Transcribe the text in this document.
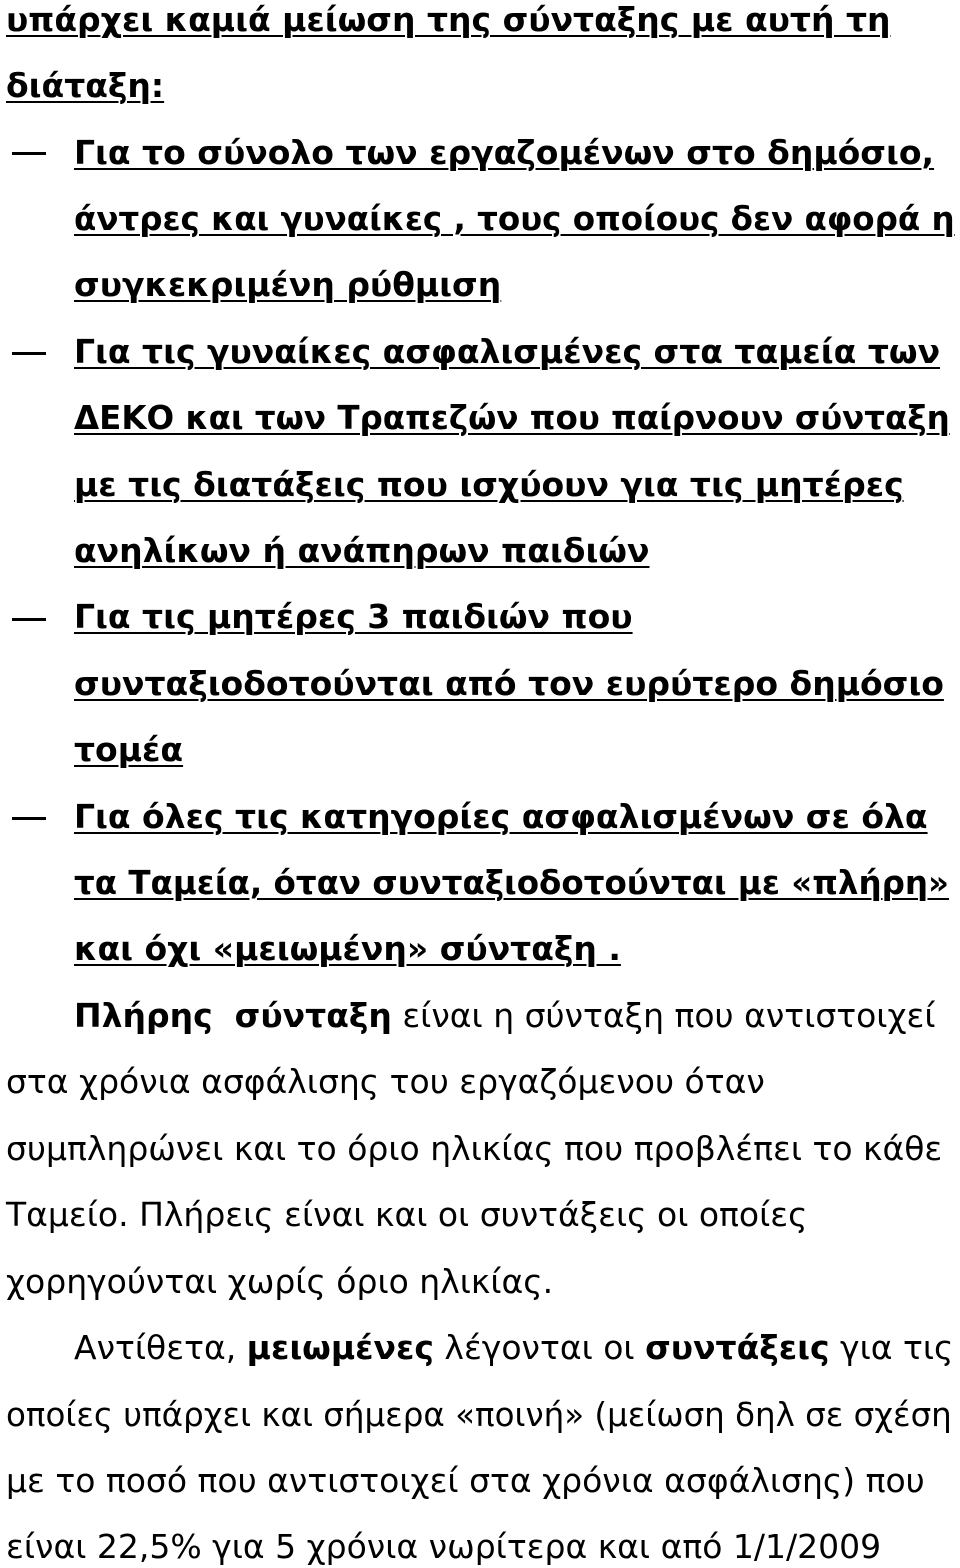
υπάρχει καμιά μείωση της σύνταξης με αυτή τη
διάταξη:
Για το σύνολο των εργαζομένων στο δημόσιο,
άντρες και γυναίκες , τους οποίους δεν αφορά η
συγκεκριμένη ρύθμιση
Για τις γυναίκες ασφαλισμένες στα ταμεία των
ΔΕΚΟ και των Τραπεζών που παίρνουν σύνταξη
με τις διατάξεις που ισχύουν για τις μητέρες
ανηλίκων ή ανάπηρων παιδιών
Για τις μητέρες 3 παιδιών που
συνταξιοδοτούνται από τον ευρύτερο δημόσιο
τομέα
Για όλες τις κατηγορίες ασφαλισμένων σε όλα
τα Ταμεία, όταν συνταξιοδοτούνται με «πλήρη»
και όχι «μειωμένη» σύνταξη .
Πλήρης σύνταξη είναι η σύνταξη που αντιστοιχεί
στα χρόνια ασφάλισης του εργαζόμενου όταν
συμπληρώνει και το όριο ηλικίας που προβλέπει το κάθε
Ταμείο. Πλήρεις είναι και οι συντάξεις οι οποίες
χορηγούνται χωρίς όριο ηλικίας.
Αντίθετα, μειωμένες λέγονται οι συντάξεις για τις
οποίες υπάρχει και σήμερα «ποινή» (μείωση δηλ σε σχέση
με το ποσό που αντιστοιχεί στα χρόνια ασφάλισης) που
είναι 22,5% για 5 χρόνια νωρίτερα και από 1/1/2009
